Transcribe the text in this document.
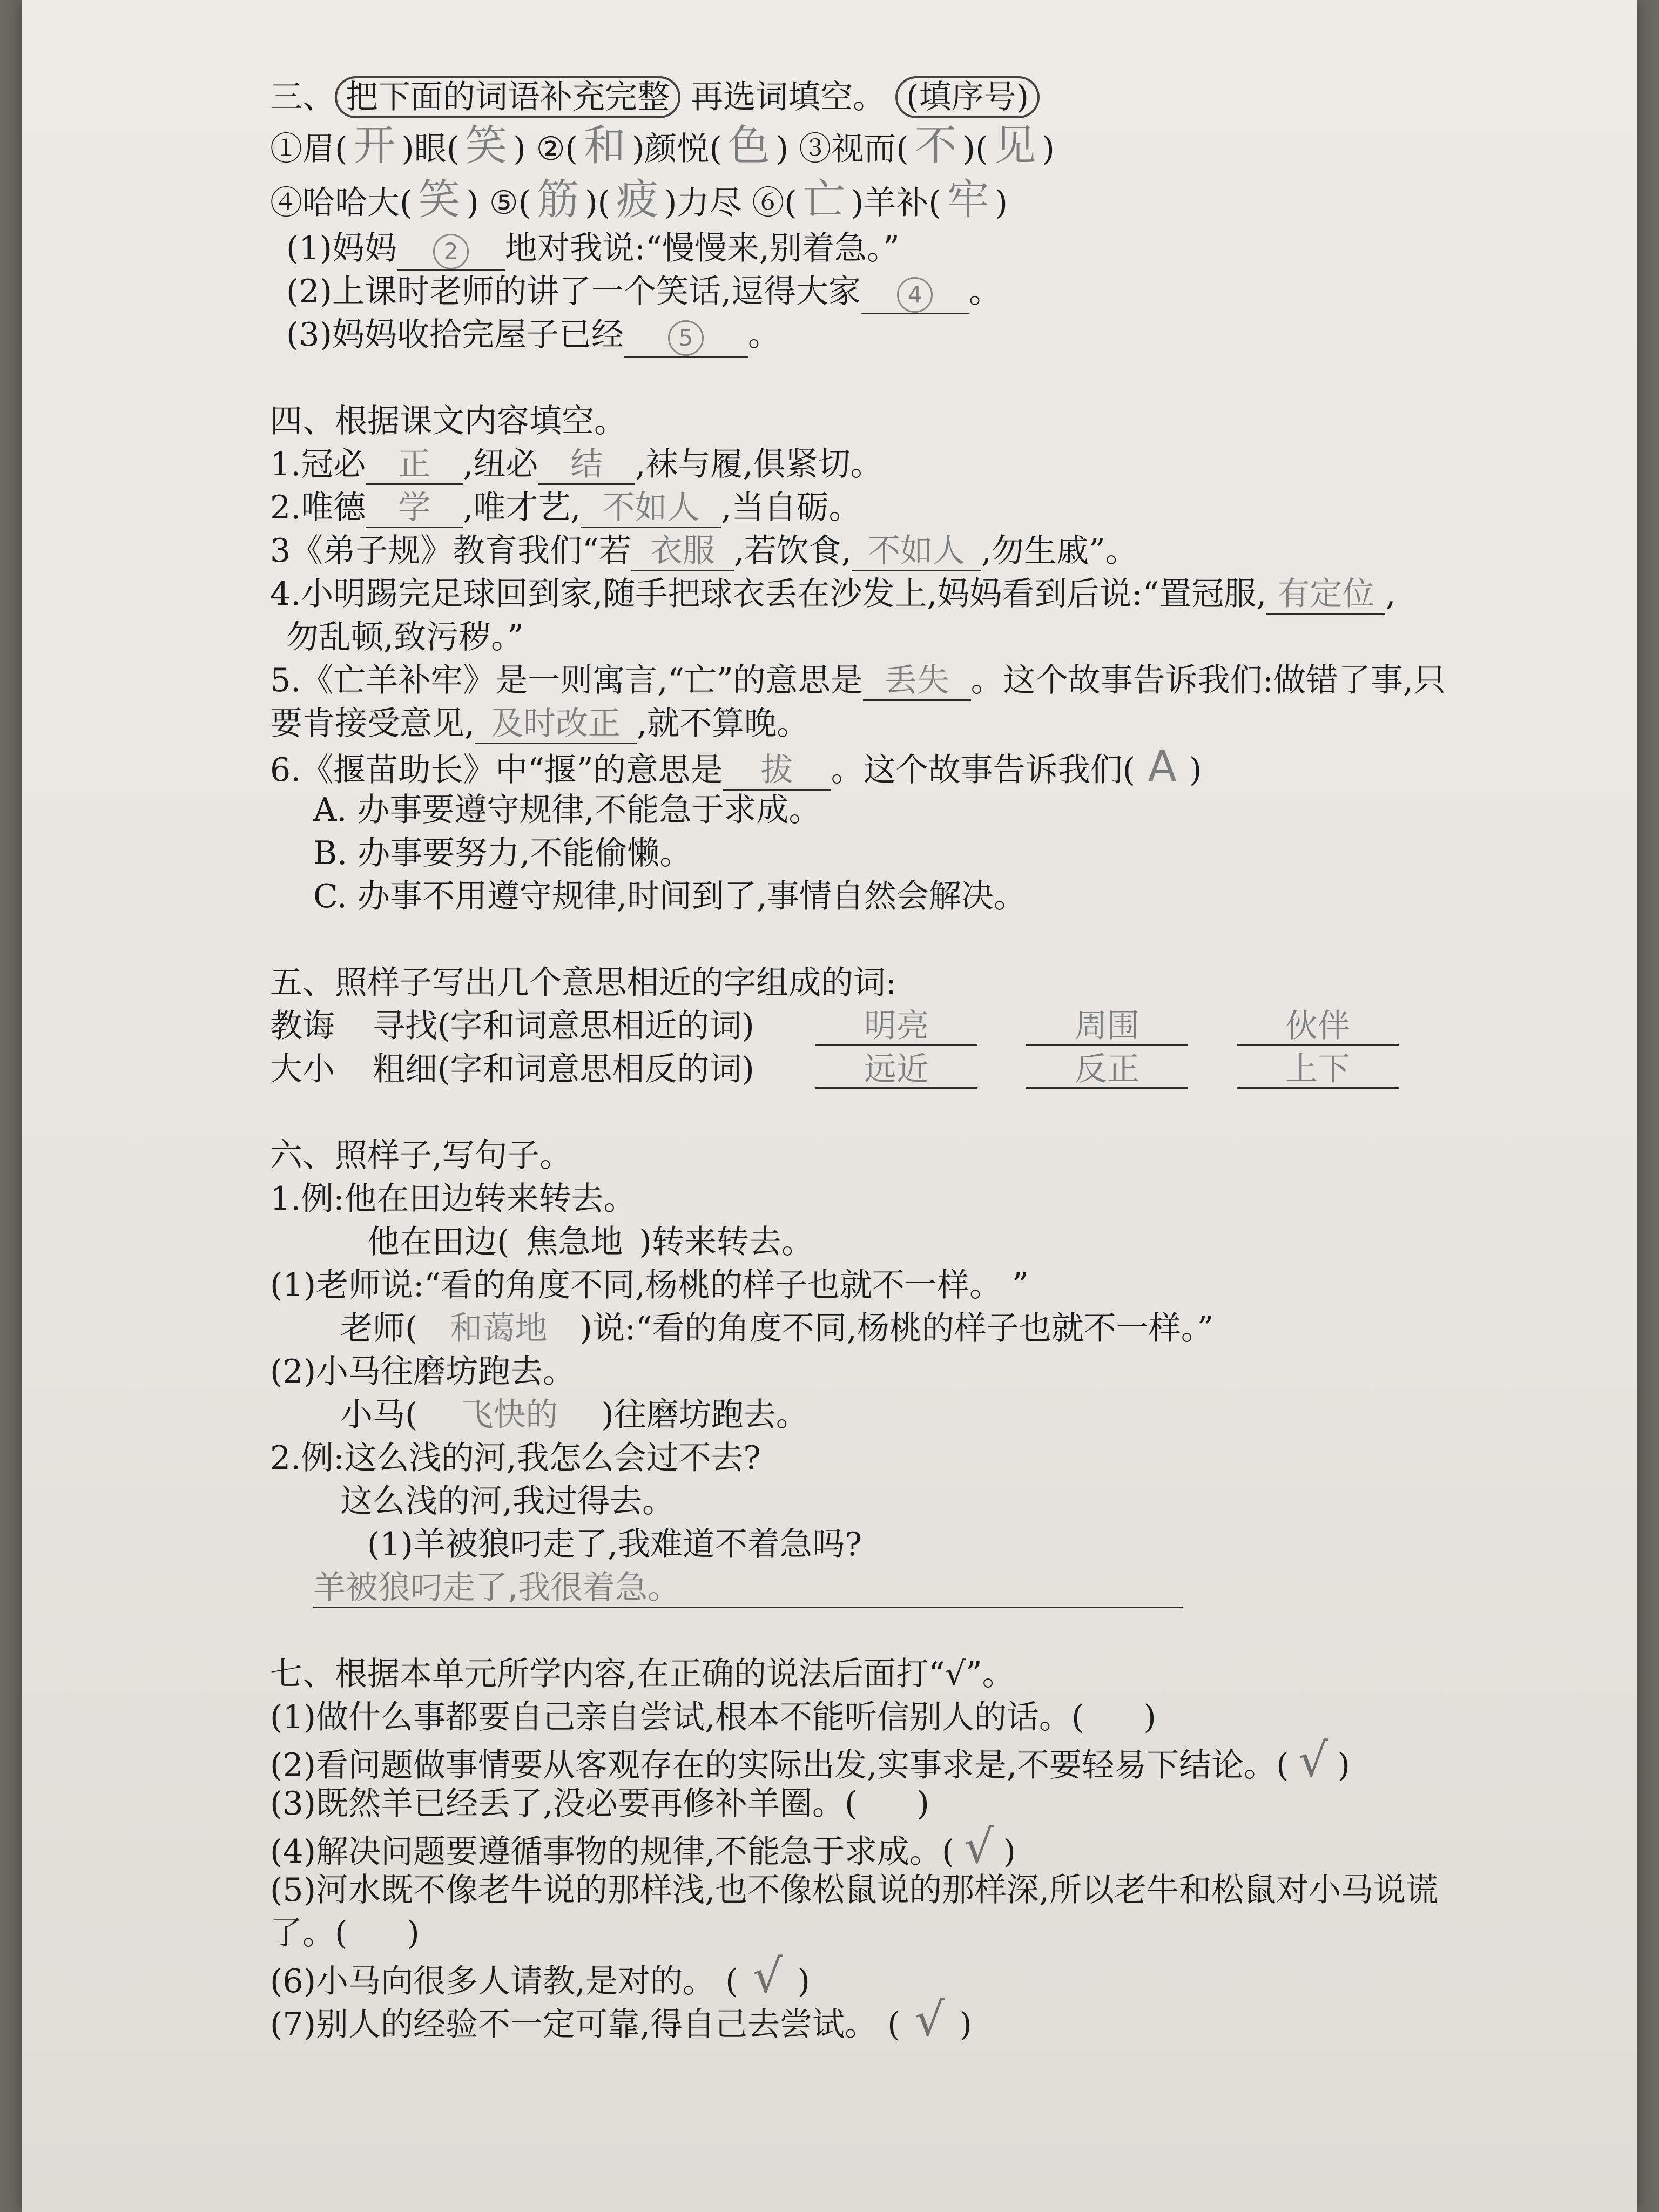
三、 把下面的词语补充完整 再选词填空。 (填序号)
①眉( 开 )眼( 笑 ) ②( 和 )颜悦( 色 ) ③视而( 不 )( 见 )
④哈哈大( 笑 ) ⑤( 筋 )( 疲 )力尽 ⑥( 亡 )羊补( 牢 )
(1)妈妈 2 地对我说:“慢慢来,别着急。”
(2)上课时老师的讲了一个笑话,逗得大家 4 。
(3)妈妈收拾完屋子已经 5 。
四、根据课文内容填空。
1.冠必 正 ,纽必 结 ,袜与履,俱紧切。
2.唯德 学 ,唯才艺, 不如人 ,当自砺。
3《弟子规》教育我们“若 衣服 ,若饮食, 不如人 ,勿生戚”。
4.小明踢完足球回到家,随手把球衣丢在沙发上,妈妈看到后说:“置冠服, 有定位 ,
勿乱顿,致污秽。”
5.《亡羊补牢》是一则寓言,“亡”的意思是 丢失 。这个故事告诉我们:做错了事,只
要肯接受意见, 及时改正 ,就不算晚。
6.《揠苗助长》中“揠”的意思是 拔 。这个故事告诉我们( A )
A. 办事要遵守规律,不能急于求成。
B. 办事要努力,不能偷懒。
C. 办事不用遵守规律,时间到了,事情自然会解决。
五、照样子写出几个意思相近的字组成的词:
教诲 寻找(字和词意思相近的词)	明亮	周围	伙伴
大小 粗细(字和词意思相反的词)	远近	反正	上下
六、照样子,写句子。
1.例:他在田边转来转去。
他在田边( 焦急地 )转来转去。
(1)老师说:“看的角度不同,杨桃的样子也就不一样。 ”
老师( 和蔼地 )说:“看的角度不同,杨桃的样子也就不一样。”
(2)小马往磨坊跑去。
小马( 飞快的 )往磨坊跑去。
2.例:这么浅的河,我怎么会过不去?
这么浅的河,我过得去。
(1)羊被狼叼走了,我难道不着急吗?
羊被狼叼走了,我很着急。
七、根据本单元所学内容,在正确的说法后面打“√”。
(1)做什么事都要自己亲自尝试,根本不能听信别人的话。( )
(2)看问题做事情要从客观存在的实际出发,实事求是,不要轻易下结论。( √ )
(3)既然羊已经丢了,没必要再修补羊圈。( )
(4)解决问题要遵循事物的规律,不能急于求成。( √ )
(5)河水既不像老牛说的那样浅,也不像松鼠说的那样深,所以老牛和松鼠对小马说谎
了。( )
(6)小马向很多人请教,是对的。 ( √ )
(7)别人的经验不一定可靠,得自己去尝试。 ( √ )
